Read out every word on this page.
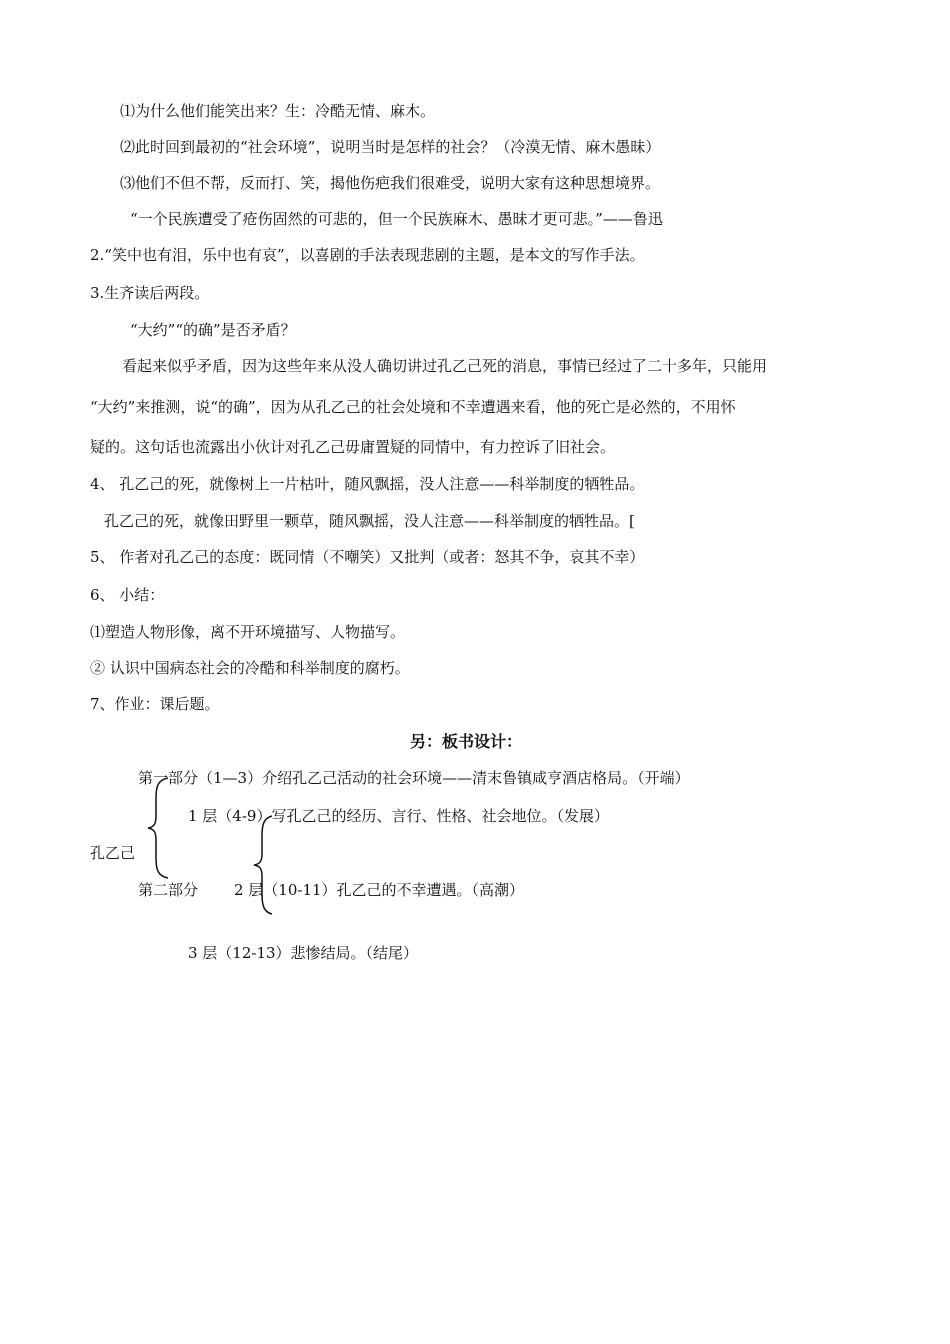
⑴为什么他们能笑出来？生：冷酷无情、麻木。
⑵此时回到最初的“社会环境”，说明当时是怎样的社会？（冷漠无情、麻木愚昧）
⑶他们不但不帮，反而打、笑，揭他伤疤我们很难受，说明大家有这种思想境界。
“一个民族遭受了疮伤固然的可悲的，但一个民族麻木、愚昧才更可悲。”——鲁迅
2.“笑中也有泪，乐中也有哀”，以喜剧的手法表现悲剧的主题，是本文的写作手法。
3.生齐读后两段。
“大约”“的确”是否矛盾？
看起来似乎矛盾，因为这些年来从没人确切讲过孔乙己死的消息，事情已经过了二十多年，只能用
“大约”来推测，说“的确”，因为从孔乙己的社会处境和不幸遭遇来看，他的死亡是必然的，不用怀
疑的。这句话也流露出小伙计对孔乙己毋庸置疑的同情中，有力控诉了旧社会。
4、 孔乙己的死，就像树上一片枯叶，随风飘摇，没人注意——科举制度的牺牲品。
孔乙己的死，就像田野里一颗草，随风飘摇，没人注意——科举制度的牺牲品。[
5、 作者对孔乙己的态度：既同情（不嘲笑）又批判（或者：怒其不争，哀其不幸）
6、 小结：
⑴塑造人物形像，离不开环境描写、人物描写。
② 认识中国病态社会的冷酷和科举制度的腐朽。
7、作业：课后题。
另：板书设计：
第一部分（1—3）介绍孔乙己活动的社会环境——清末鲁镇咸亨酒店格局。（开端）
1 层（4-9）写孔乙己的经历、言行、性格、社会地位。（发展）
孔乙己
第二部分 2 层（10-11）孔乙己的不幸遭遇。（高潮）
3 层（12-13）悲惨结局。（结尾）
